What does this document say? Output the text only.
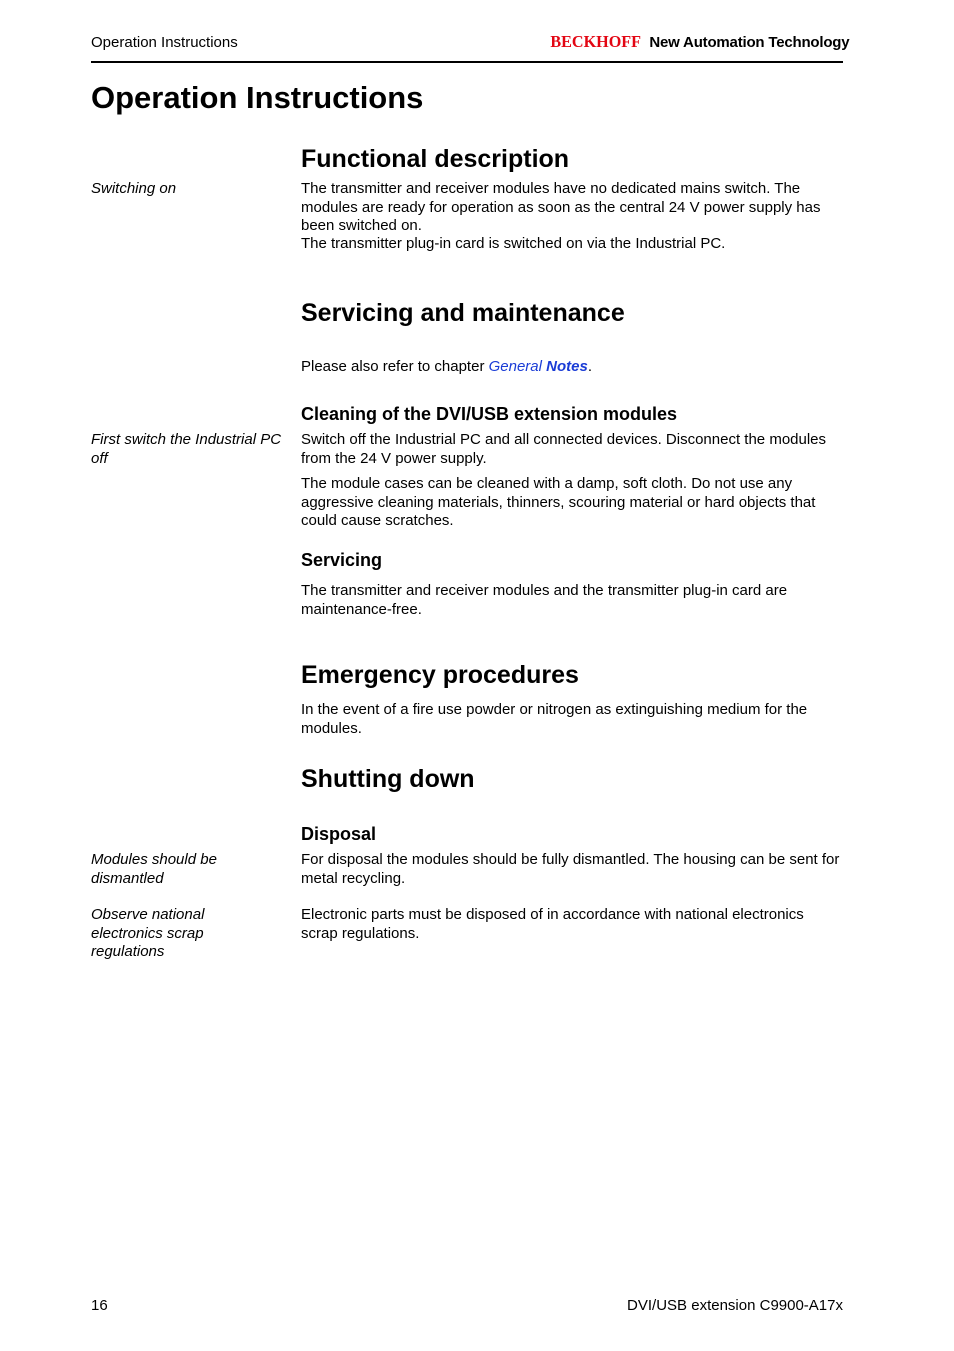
Operation Instructions	BECKHOFF New Automation Technology
Operation Instructions
Functional description

Switching on	The transmitter and receiver modules have no dedicated mains switch. The modules are ready for operation as soon as the central 24 V power supply has been switched on.

The transmitter plug-in card is switched on via the Industrial PC.

Servicing and maintenance

Please also refer to chapter General Notes.

Cleaning of the DVI/USB extension modules

First switch the Industrial PC off

Switch off the Industrial PC and all connected devices. Disconnect the modules from the 24 V power supply.

The module cases can be cleaned with a damp, soft cloth. Do not use any aggressive cleaning materials, thinners, scouring material or hard objects that could cause scratches.

Servicing

The transmitter and receiver modules and the transmitter plug-in card are maintenance-free.

Emergency procedures

In the event of a fire use powder or nitrogen as extinguishing medium for the modules.

Shutting down
Disposal

Modules should be dismantled

For disposal the modules should be fully dismantled. The housing can be sent for metal recycling.

Observe national electronics scrap regulations

Electronic parts must be disposed of in accordance with national electronics scrap regulations.

16	DVI/USB extension C9900-A17x
